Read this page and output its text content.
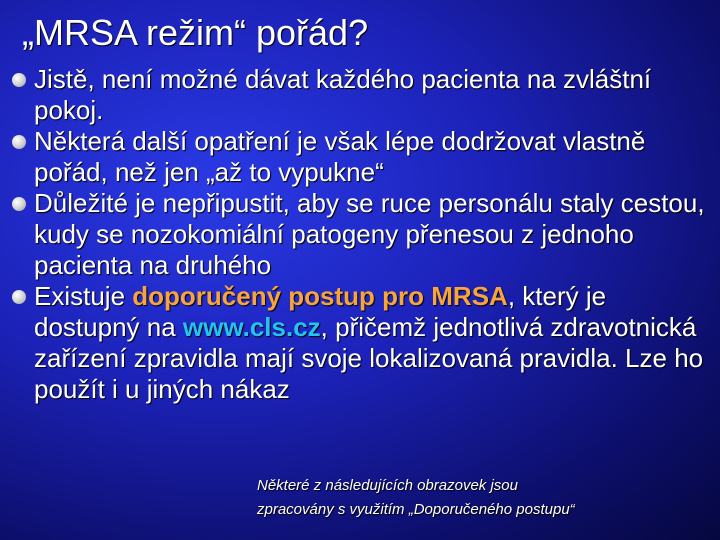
„MRSA režim“ pořád?
Jistě, není možné dávat každého pacienta na zvláštní pokoj.
Některá další opatření je však lépe dodržovat vlastně pořád, než jen „až to vypukne“
Důležité je nepřipustit, aby se ruce personálu staly cestou, kudy se nozokomiální patogeny přenesou z jednoho pacienta na druhého
Existuje doporučený postup pro MRSA, který je dostupný na www.cls.cz, přičemž jednotlivá zdravotnická zařízení zpravidla mají svoje lokalizovaná pravidla. Lze ho použít i u jiných nákaz
Některé z následujících obrazovek jsou
zpracovány s využitím „Doporučeného postupu“
